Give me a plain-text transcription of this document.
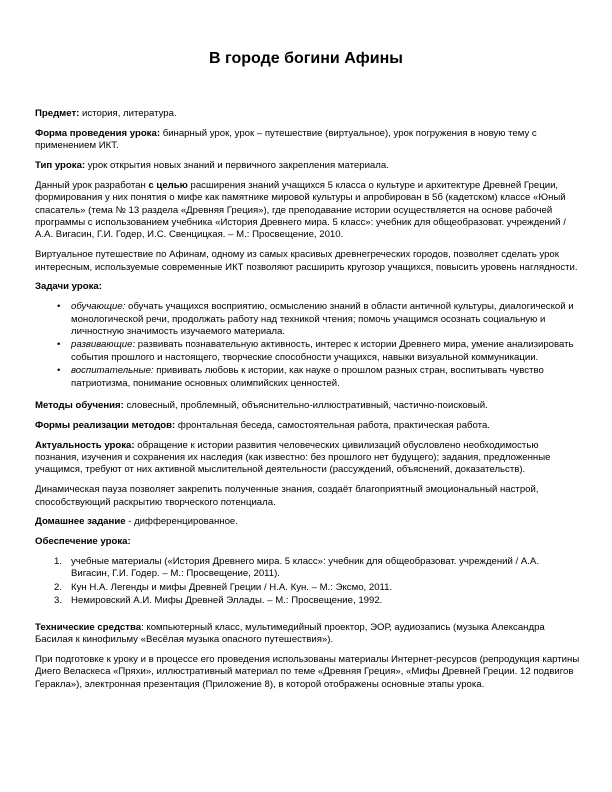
В городе богини Афины

Предмет: история, литература.

Форма проведения урока: бинарный урок, урок – путешествие (виртуальное), урок погружения в новую тему с применением ИКТ.

Тип урока: урок открытия новых знаний и первичного закрепления материала.

Данный урок разработан с целью расширения знаний учащихся 5 класса о культуре и архитектуре Древней Греции, формирования у них понятия о мифе как памятнике мировой культуры и апробирован в 5б (кадетском) классе «Юный спасатель» (тема № 13 раздела «Древняя Греция»), где преподавание истории осуществляется на основе рабочей программы с использованием учебника «История Древнего мира. 5 класс»: учебник для общеобразоват. учреждений / А.А. Вигасин, Г.И. Годер, И.С. Свенцицкая. – М.: Просвещение, 2010.

Виртуальное путешествие по Афинам, одному из самых красивых древнегреческих городов, позволяет сделать урок интересным, используемые современные ИКТ позволяют расширить кругозор учащихся, повысить уровень наглядности.

Задачи урока:

• обучающие: обучать учащихся восприятию, осмыслению знаний в области античной культуры, диалогической и монологической речи, продолжать работу над техникой чтения; помочь учащимся осознать социальную и личностную значимость изучаемого материала.
• развивающие: развивать познавательную активность, интерес к истории Древнего мира, умение анализировать события прошлого и настоящего, творческие способности учащихся, навыки визуальной коммуникации.
• воспитательные: прививать любовь к истории, как науке о прошлом разных стран, воспитывать чувство патриотизма, понимание основных олимпийских ценностей.

Методы обучения: словесный, проблемный, объяснительно-иллюстративный, частично-поисковый.

Формы реализации методов: фронтальная беседа, самостоятельная работа, практическая работа.

Актуальность урока: обращение к истории развития человеческих цивилизаций обусловлено необходимостью познания, изучения и сохранения их наследия (как известно: без прошлого нет будущего); задания, предложенные учащимся, требуют от них активной мыслительной деятельности (рассуждений, объяснений, доказательств).

Динамическая пауза позволяет закрепить полученные знания, создаёт благоприятный эмоциональный настрой, способствующий раскрытию творческого потенциала.

Домашнее задание - дифференцированное.

Обеспечение урока:

1. учебные материалы («История Древнего мира. 5 класс»: учебник для общеобразоват. учреждений / А.А. Вигасин, Г.И. Годер. – М.: Просвещение, 2011).
2. Кун Н.А. Легенды и мифы Древней Греции / Н.А. Кун. – М.: Эксмо, 2011.
3. Немировский А.И. Мифы Древней Эллады. – М.: Просвещение, 1992.

Технические средства: компьютерный класс, мультимедийный проектор, ЭОР, аудиозапись (музыка Александра Басилая к кинофильму «Весёлая музыка опасного путешествия»).

При подготовке к уроку и в процессе его проведения использованы материалы Интернет-ресурсов (репродукция картины Диего Веласкеса «Пряхи», иллюстративный материал по теме «Древняя Греция», «Мифы Древней Греции. 12 подвигов Геракла»), электронная презентация (Приложение 8), в которой отображены основные этапы урока.
